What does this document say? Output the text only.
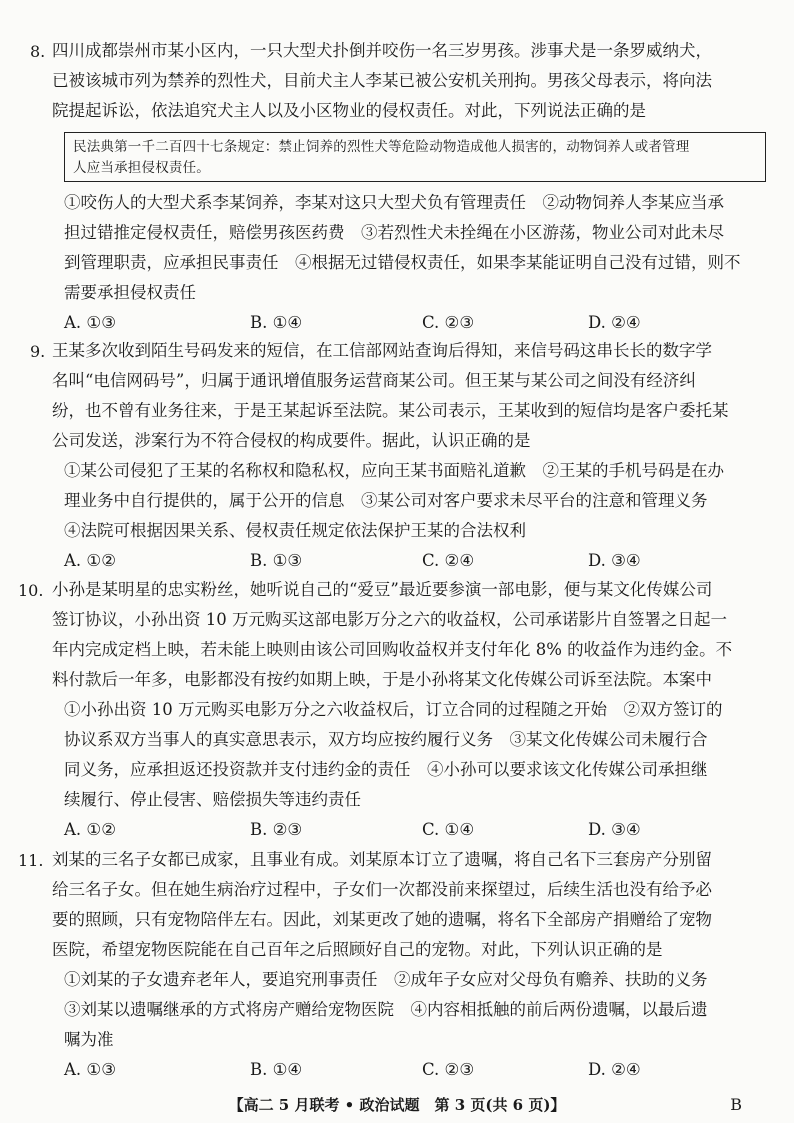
8. 四川成都崇州市某小区内，一只大型犬扑倒并咬伤一名三岁男孩。涉事犬是一条罗威纳犬，
已被该城市列为禁养的烈性犬，目前犬主人李某已被公安机关刑拘。男孩父母表示，将向法
院提起诉讼，依法追究犬主人以及小区物业的侵权责任。对此，下列说法正确的是
民法典第一千二百四十七条规定：禁止饲养的烈性犬等危险动物造成他人损害的，动物饲养人或者管理
人应当承担侵权责任。
①咬伤人的大型犬系李某饲养，李某对这只大型犬负有管理责任　②动物饲养人李某应当承
担过错推定侵权责任，赔偿男孩医药费　③若烈性犬未拴绳在小区游荡，物业公司对此未尽
到管理职责，应承担民事责任　④根据无过错侵权责任，如果李某能证明自己没有过错，则不
需要承担侵权责任
A. ①③	B. ①④	C. ②③	D. ②④
9. 王某多次收到陌生号码发来的短信，在工信部网站查询后得知，来信号码这串长长的数字学
名叫“电信网码号”，归属于通讯增值服务运营商某公司。但王某与某公司之间没有经济纠
纷，也不曾有业务往来，于是王某起诉至法院。某公司表示，王某收到的短信均是客户委托某
公司发送，涉案行为不符合侵权的构成要件。据此，认识正确的是
①某公司侵犯了王某的名称权和隐私权，应向王某书面赔礼道歉　②王某的手机号码是在办
理业务中自行提供的，属于公开的信息　③某公司对客户要求未尽平台的注意和管理义务
④法院可根据因果关系、侵权责任规定依法保护王某的合法权利
A. ①②	B. ①③	C. ②④	D. ③④
10. 小孙是某明星的忠实粉丝，她听说自己的“爱豆”最近要参演一部电影，便与某文化传媒公司
签订协议，小孙出资 10 万元购买这部电影万分之六的收益权，公司承诺影片自签署之日起一
年内完成定档上映，若未能上映则由该公司回购收益权并支付年化 8% 的收益作为违约金。不
料付款后一年多，电影都没有按约如期上映，于是小孙将某文化传媒公司诉至法院。本案中
①小孙出资 10 万元购买电影万分之六收益权后，订立合同的过程随之开始　②双方签订的
协议系双方当事人的真实意思表示，双方均应按约履行义务　③某文化传媒公司未履行合
同义务，应承担返还投资款并支付违约金的责任　④小孙可以要求该文化传媒公司承担继
续履行、停止侵害、赔偿损失等违约责任
A. ①②	B. ②③	C. ①④	D. ③④
11. 刘某的三名子女都已成家，且事业有成。刘某原本订立了遗嘱，将自己名下三套房产分别留
给三名子女。但在她生病治疗过程中，子女们一次都没前来探望过，后续生活也没有给予必
要的照顾，只有宠物陪伴左右。因此，刘某更改了她的遗嘱，将名下全部房产捐赠给了宠物
医院，希望宠物医院能在自己百年之后照顾好自己的宠物。对此，下列认识正确的是
①刘某的子女遗弃老年人，要追究刑事责任　②成年子女应对父母负有赡养、扶助的义务
③刘某以遗嘱继承的方式将房产赠给宠物医院　④内容相抵触的前后两份遗嘱，以最后遗
嘱为准
A. ①③	B. ①④	C. ②③	D. ②④
【高二 5 月联考 • 政治试题　第 3 页(共 6 页)】	B
